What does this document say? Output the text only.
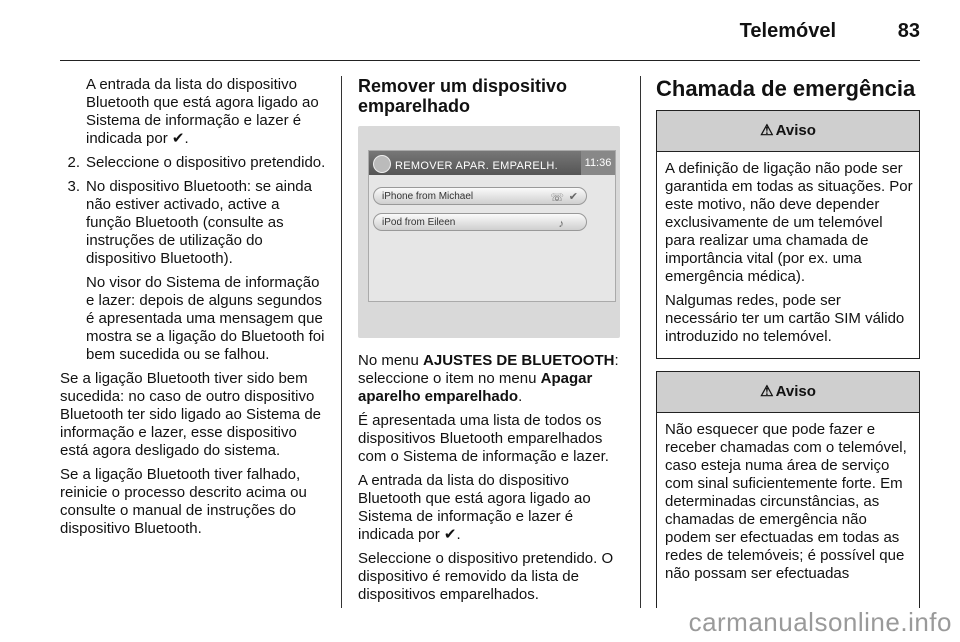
Telemóvel	83

A entrada da lista do dispositivo Bluetooth que está agora ligado ao Sistema de informação e lazer é indicada por ✔.

2. Seleccione o dispositivo pretendido.
3. No dispositivo Bluetooth: se ainda não estiver activado, active a função Bluetooth (consulte as instruções de utilização do dispositivo Bluetooth).

No visor do Sistema de informação e lazer: depois de alguns segundos é apresentada uma mensagem que mostra se a ligação do Bluetooth foi bem sucedida ou se falhou.

Se a ligação Bluetooth tiver sido bem sucedida: no caso de outro dispositivo Bluetooth ter sido ligado ao Sistema de informação e lazer, esse dispositivo está agora desligado do sistema.

Se a ligação Bluetooth tiver falhado, reinicie o processo descrito acima ou consulte o manual de instruções do dispositivo Bluetooth.

Remover um dispositivo emparelhado
REMOVER APAR. EMPARELH.	11:36
iPhone from Michael	☏ ✔
iPod from Eileen	♪

No menu AJUSTES DE BLUETOOTH: seleccione o item no menu Apagar aparelho emparelhado.

É apresentada uma lista de todos os dispositivos Bluetooth emparelhados com o Sistema de informação e lazer.

A entrada da lista do dispositivo Bluetooth que está agora ligado ao Sistema de informação e lazer é indicada por ✔.

Seleccione o dispositivo pretendido. O dispositivo é removido da lista de dispositivos emparelhados.

Chamada de emergência
⚠ Aviso

A definição de ligação não pode ser garantida em todas as situações. Por este motivo, não deve depender exclusivamente de um telemóvel para realizar uma chamada de importância vital (por ex. uma emergência médica).

Nalgumas redes, pode ser necessário ter um cartão SIM válido introduzido no telemóvel.

⚠ Aviso

Não esquecer que pode fazer e receber chamadas com o telemóvel, caso esteja numa área de serviço com sinal suficientemente forte. Em determinadas circunstâncias, as chamadas de emergência não podem ser efectuadas em todas as redes de telemóveis; é possível que não possam ser efectuadas

carmanualsonline.info
